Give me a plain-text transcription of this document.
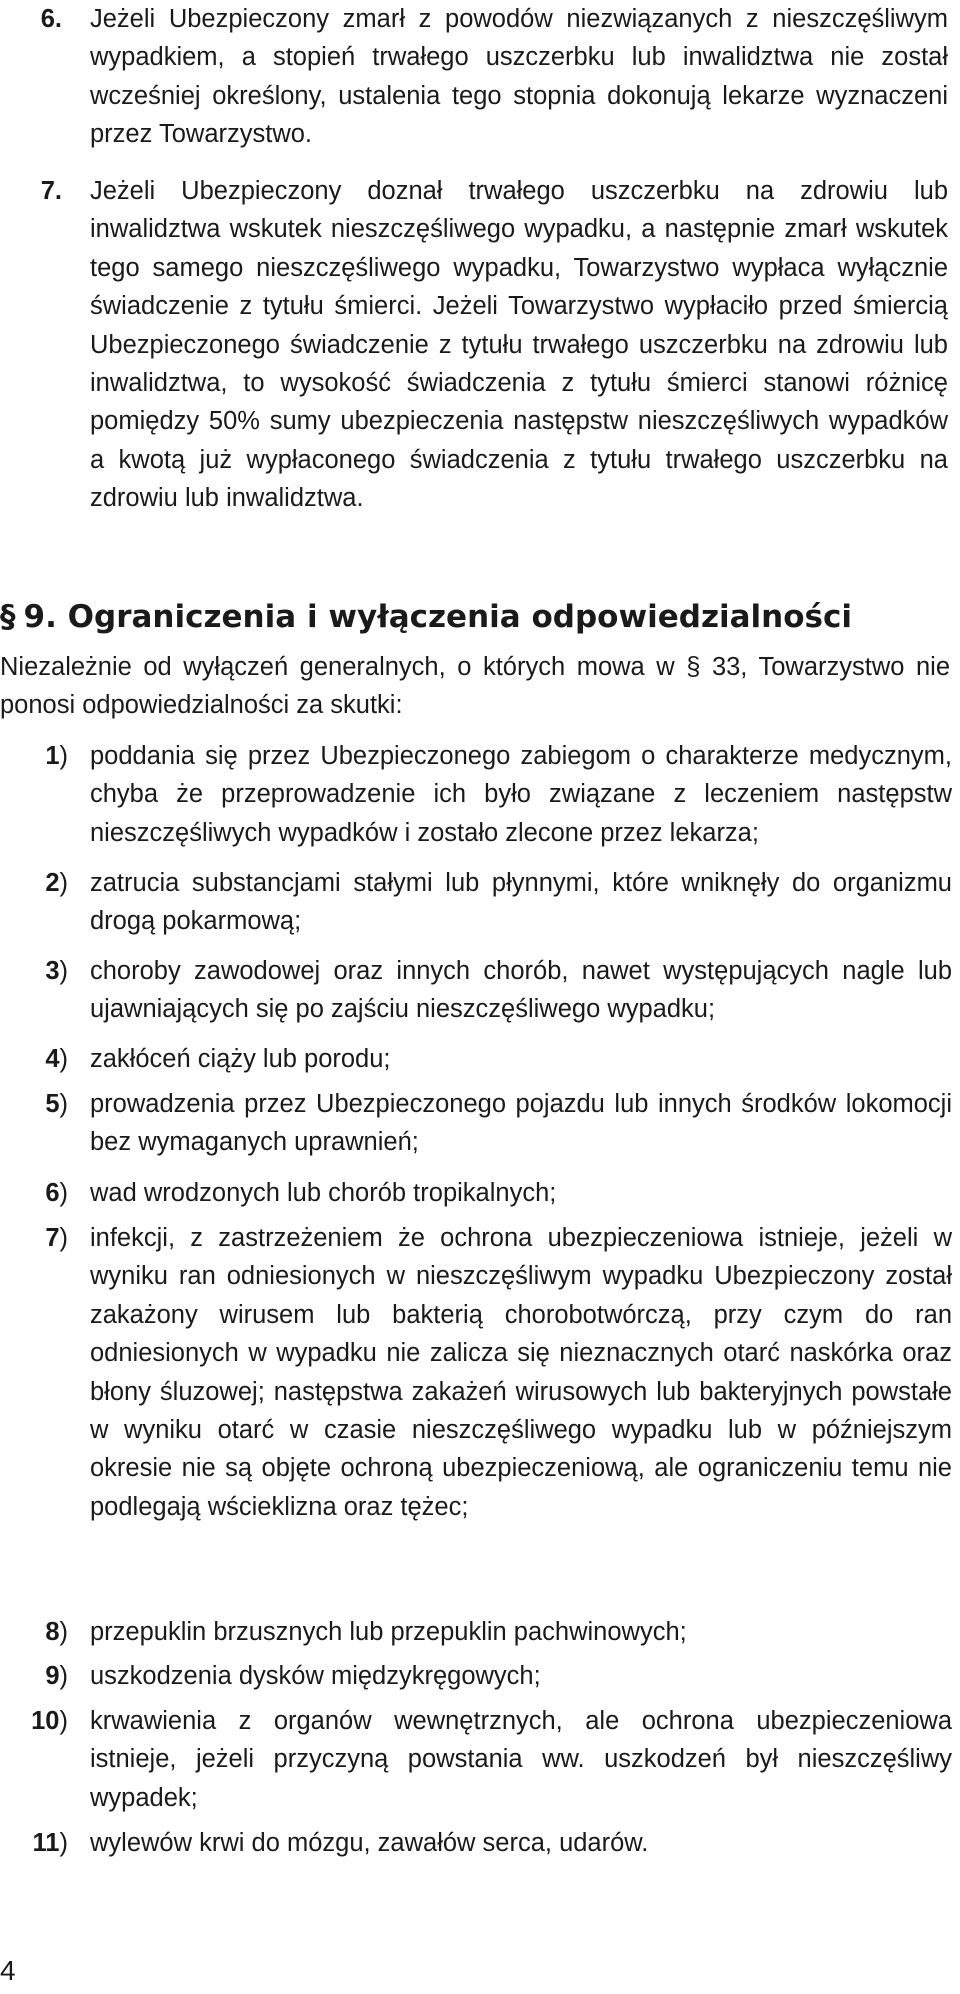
6. Jeżeli Ubezpieczony zmarł z powodów niezwiązanych z nieszczęśliwym wypadkiem, a stopień trwałego uszczerbku lub inwalidztwa nie został wcześniej określony, ustalenia tego stopnia dokonują lekarze wyznaczeni przez Towarzystwo.
7. Jeżeli Ubezpieczony doznał trwałego uszczerbku na zdrowiu lub inwalidztwa wskutek nieszczęśliwego wypadku, a następnie zmarł wskutek tego samego nieszczęśliwego wypadku, Towarzystwo wypłaca wyłącznie świadczenie z tytułu śmierci. Jeżeli Towarzystwo wypłaciło przed śmiercią Ubezpieczonego świadczenie z tytułu trwałego uszczerbku na zdrowiu lub inwalidztwa, to wysokość świadczenia z tytułu śmierci stanowi różnicę pomiędzy 50% sumy ubezpieczenia następstw nieszczęśliwych wypadków a kwotą już wypłaconego świadczenia z tytułu trwałego uszczerbku na zdrowiu lub inwalidztwa.
§ 9. Ograniczenia i wyłączenia odpowiedzialności
Niezależnie od wyłączeń generalnych, o których mowa w § 33, Towarzystwo nie ponosi odpowiedzialności za skutki:
1) poddania się przez Ubezpieczonego zabiegom o charakterze medycznym, chyba że przeprowadzenie ich było związane z leczeniem następstw nieszczęśliwych wypadków i zostało zlecone przez lekarza;
2) zatrucia substancjami stałymi lub płynnymi, które wniknęły do organizmu drogą pokarmową;
3) choroby zawodowej oraz innych chorób, nawet występujących nagle lub ujawniających się po zajściu nieszczęśliwego wypadku;
4) zakłóceń ciąży lub porodu;
5) prowadzenia przez Ubezpieczonego pojazdu lub innych środków lokomocji bez wymaganych uprawnień;
6) wad wrodzonych lub chorób tropikalnych;
7) infekcji, z zastrzeżeniem że ochrona ubezpieczeniowa istnieje, jeżeli w wyniku ran odniesionych w nieszczęśliwym wypadku Ubezpieczony został zakażony wirusem lub bakterią chorobotwórczą, przy czym do ran odniesionych w wypadku nie zalicza się nieznacznych otarć naskórka oraz błony śluzowej; następstwa zakażeń wirusowych lub bakteryjnych powstałe w wyniku otarć w czasie nieszczęśliwego wypadku lub w późniejszym okresie nie są objęte ochroną ubezpieczeniową, ale ograniczeniu temu nie podlegają wścieklizna oraz tężec;
8) przepuklin brzusznych lub przepuklin pachwinowych;
9) uszkodzenia dysków międzykręgowych;
10) krwawienia z organów wewnętrznych, ale ochrona ubezpieczeniowa istnieje, jeżeli przyczyną powstania ww. uszkodzeń był nieszczęśliwy wypadek;
11) wylewów krwi do mózgu, zawałów serca, udarów.
4
